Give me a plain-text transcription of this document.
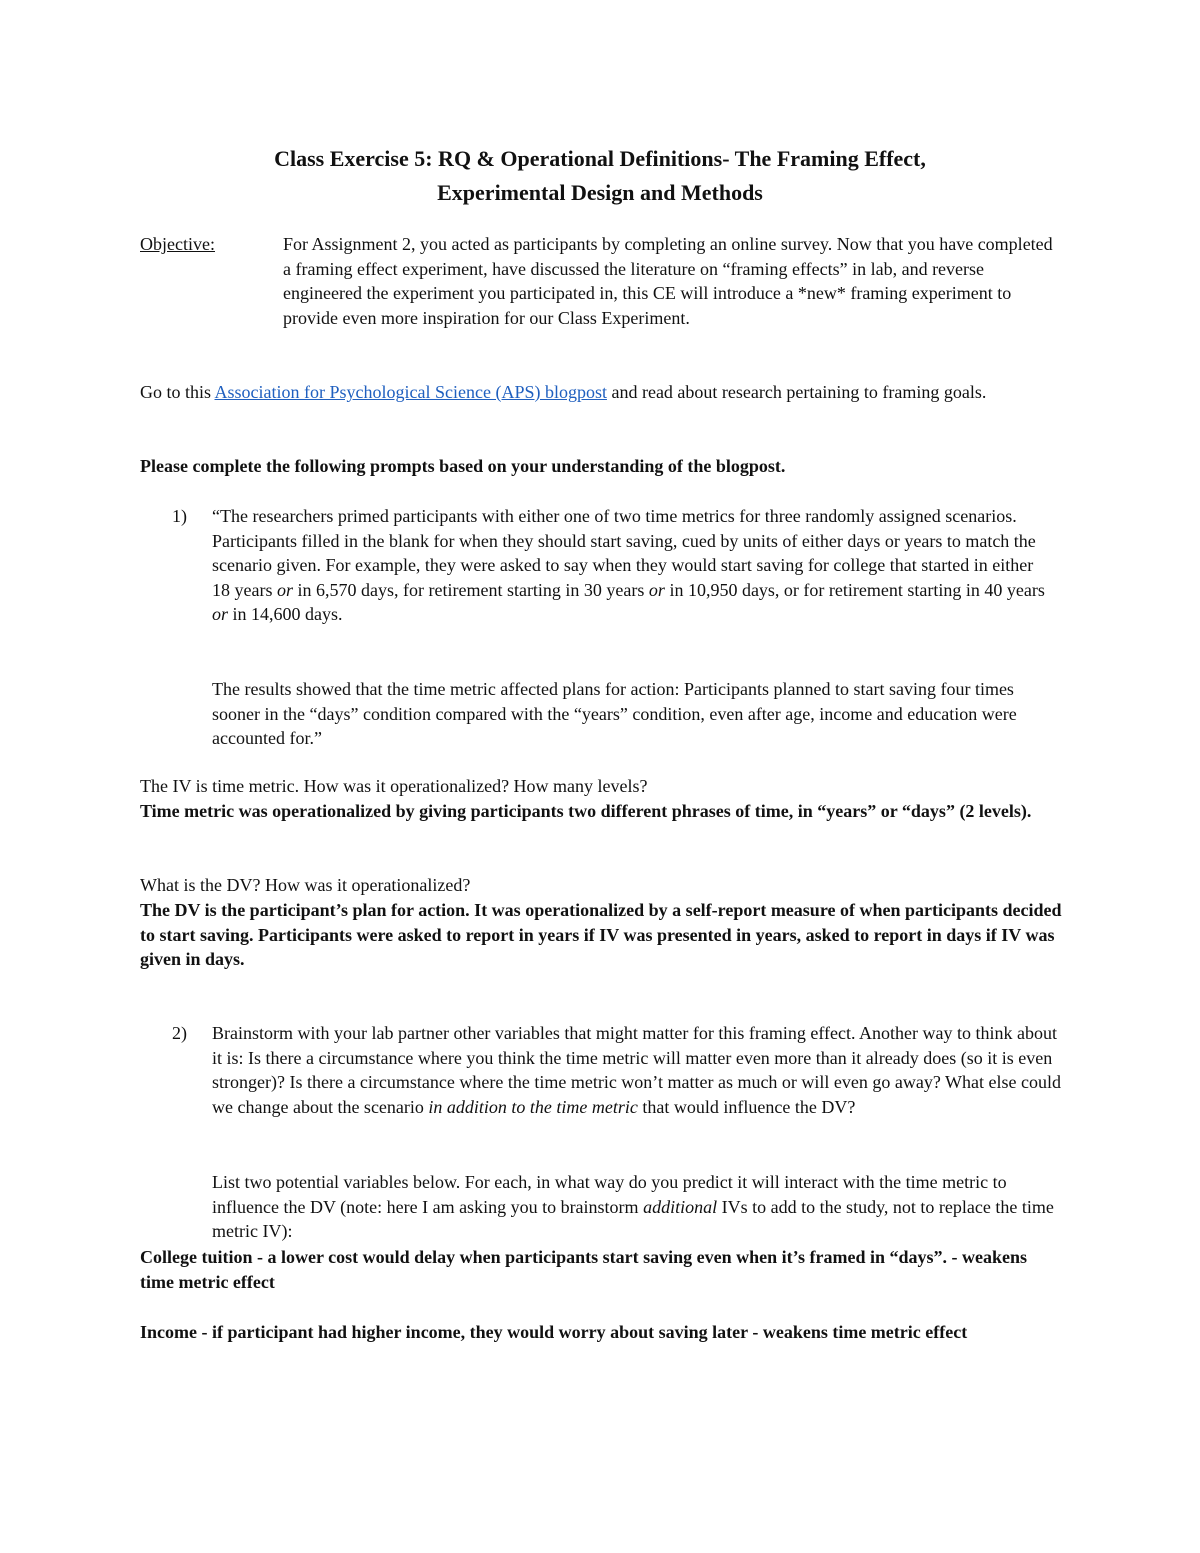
Class Exercise 5: RQ & Operational Definitions- The Framing Effect,
Experimental Design and Methods
Objective:	For Assignment 2, you acted as participants by completing an online survey. Now that you have completed a framing effect experiment, have discussed the literature on “framing effects” in lab, and reverse engineered the experiment you participated in, this CE will introduce a *new* framing experiment to provide even more inspiration for our Class Experiment.

Go to this Association for Psychological Science (APS) blogpost and read about research pertaining to framing goals.

Please complete the following prompts based on your understanding of the blogpost.

1) “The researchers primed participants with either one of two time metrics for three randomly assigned scenarios. Participants filled in the blank for when they should start saving, cued by units of either days or years to match the scenario given. For example, they were asked to say when they would start saving for college that started in either 18 years or in 6,570 days, for retirement starting in 30 years or in 10,950 days, or for retirement starting in 40 years or in 14,600 days.

The results showed that the time metric affected plans for action: Participants planned to start saving four times sooner in the “days” condition compared with the “years” condition, even after age, income and education were accounted for.”

The IV is time metric. How was it operationalized? How many levels?

Time metric was operationalized by giving participants two different phrases of time, in “years” or “days” (2 levels).

What is the DV? How was it operationalized?

The DV is the participant’s plan for action. It was operationalized by a self-report measure of when participants decided to start saving. Participants were asked to report in years if IV was presented in years, asked to report in days if IV was given in days.

2) Brainstorm with your lab partner other variables that might matter for this framing effect. Another way to think about it is: Is there a circumstance where you think the time metric will matter even more than it already does (so it is even stronger)? Is there a circumstance where the time metric won’t matter as much or will even go away? What else could we change about the scenario in addition to the time metric that would influence the DV?

List two potential variables below. For each, in what way do you predict it will interact with the time metric to influence the DV (note: here I am asking you to brainstorm additional IVs to add to the study, not to replace the time metric IV):

College tuition - a lower cost would delay when participants start saving even when it’s framed in “days”. - weakens time metric effect

Income - if participant had higher income, they would worry about saving later - weakens time metric effect
